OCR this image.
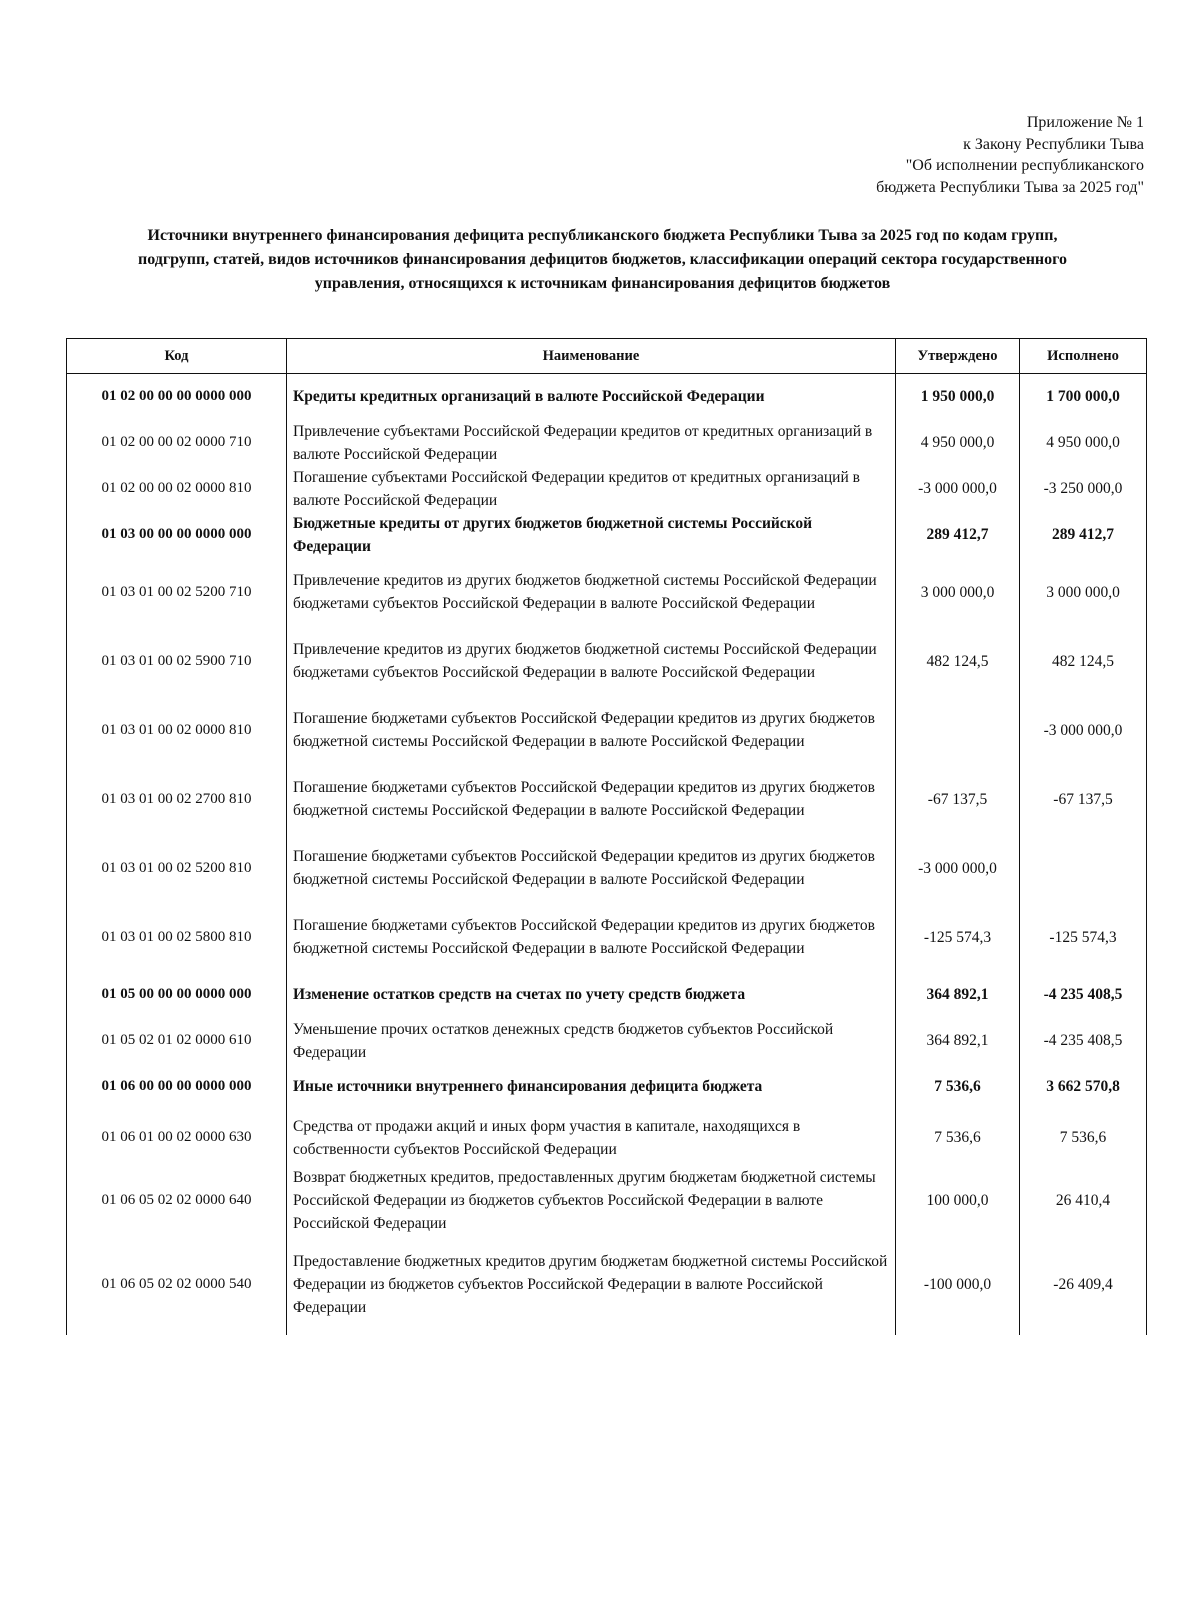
Приложение № 1
к Закону Республики Тыва
"Об исполнении республиканского
бюджета Республики Тыва за 2025 год"
Источники внутреннего финансирования дефицита республиканского бюджета Республики Тыва за 2025 год по кодам групп,
подгрупп, статей, видов источников финансирования дефицитов бюджетов, классификации операций сектора государственного
управления, относящихся к источникам финансирования дефицитов бюджетов
Код	Наименование	Утверждено	Исполнено
01 02 00 00 00 0000 000	Кредиты кредитных организаций в валюте Российской Федерации	1 950 000,0	1 700 000,0
01 02 00 00 02 0000 710	Привлечение субъектами Российской Федерации кредитов от кредитных организаций в валюте Российской Федерации	4 950 000,0	4 950 000,0
01 02 00 00 02 0000 810	Погашение субъектами Российской Федерации кредитов от кредитных организаций в валюте Российской Федерации	-3 000 000,0	-3 250 000,0
01 03 00 00 00 0000 000	Бюджетные кредиты от других бюджетов бюджетной системы Российской Федерации	289 412,7	289 412,7
01 03 01 00 02 5200 710	Привлечение кредитов из других бюджетов бюджетной системы Российской Федерации бюджетами субъектов Российской Федерации в валюте Российской Федерации	3 000 000,0	3 000 000,0
01 03 01 00 02 5900 710	Привлечение кредитов из других бюджетов бюджетной системы Российской Федерации бюджетами субъектов Российской Федерации в валюте Российской Федерации	482 124,5	482 124,5
01 03 01 00 02 0000 810	Погашение бюджетами субъектов Российской Федерации кредитов из других бюджетов бюджетной системы Российской Федерации в валюте Российской Федерации		-3 000 000,0
01 03 01 00 02 2700 810	Погашение бюджетами субъектов Российской Федерации кредитов из других бюджетов бюджетной системы Российской Федерации в валюте Российской Федерации	-67 137,5	-67 137,5
01 03 01 00 02 5200 810	Погашение бюджетами субъектов Российской Федерации кредитов из других бюджетов бюджетной системы Российской Федерации в валюте Российской Федерации	-3 000 000,0	
01 03 01 00 02 5800 810	Погашение бюджетами субъектов Российской Федерации кредитов из других бюджетов бюджетной системы Российской Федерации в валюте Российской Федерации	-125 574,3	-125 574,3
01 05 00 00 00 0000 000	Изменение остатков средств на счетах по учету средств бюджета	364 892,1	-4 235 408,5
01 05 02 01 02 0000 610	Уменьшение прочих остатков денежных средств бюджетов субъектов Российской Федерации	364 892,1	-4 235 408,5
01 06 00 00 00 0000 000	Иные источники внутреннего финансирования дефицита бюджета	7 536,6	3 662 570,8
01 06 01 00 02 0000 630	Средства от продажи акций и иных форм участия в капитале, находящихся в собственности субъектов Российской Федерации	7 536,6	7 536,6
01 06 05 02 02 0000 640	Возврат бюджетных кредитов, предоставленных другим бюджетам бюджетной системы Российской Федерации из бюджетов субъектов Российской Федерации в валюте Российской Федерации	100 000,0	26 410,4
01 06 05 02 02 0000 540	Предоставление бюджетных кредитов другим бюджетам бюджетной системы Российской Федерации из бюджетов субъектов Российской Федерации в валюте Российской Федерации	-100 000,0	-26 409,4
